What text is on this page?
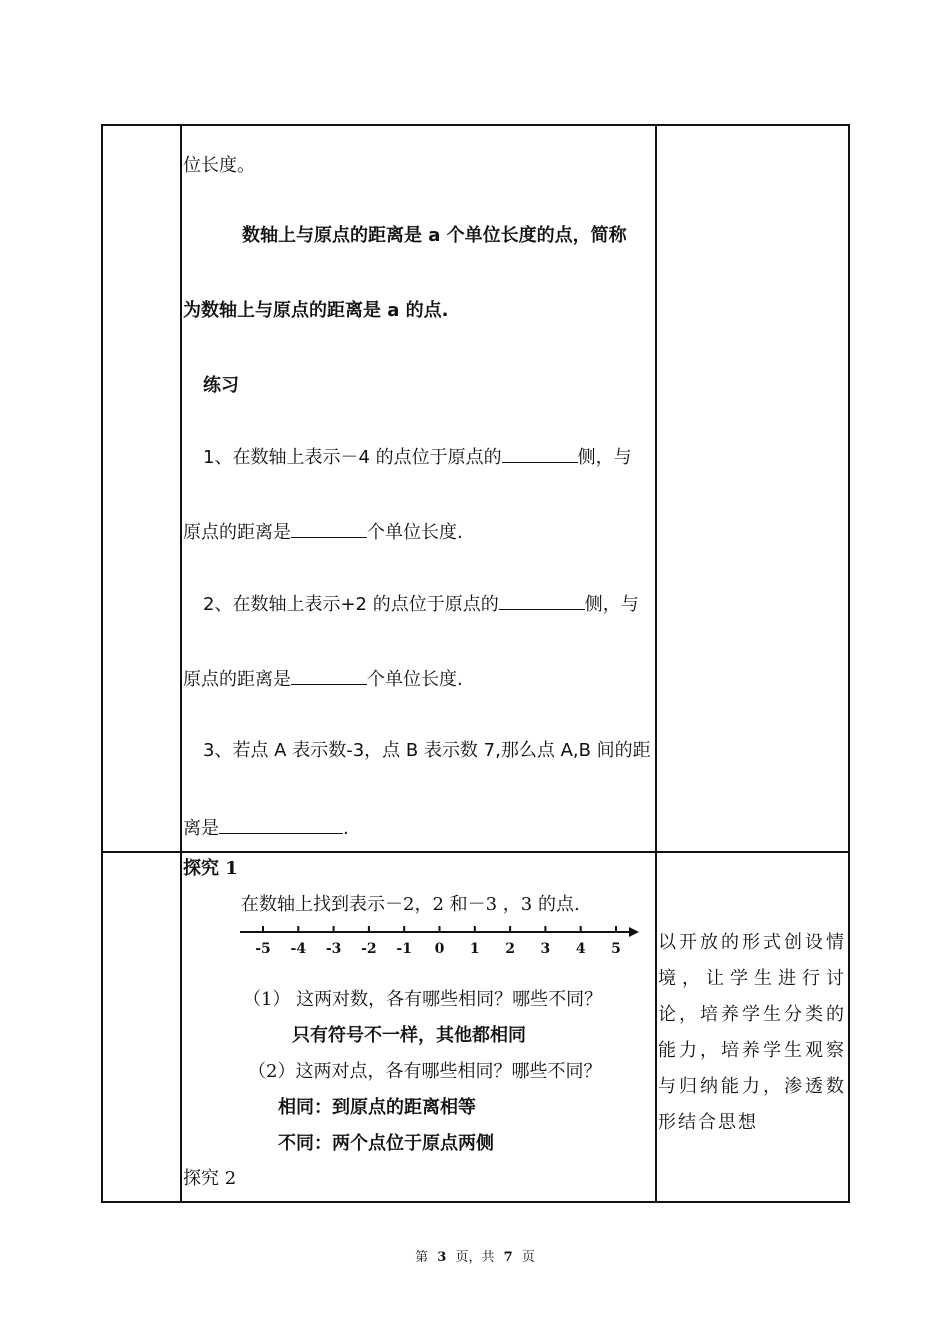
位长度。
数轴上与原点的距离是 a 个单位长度的点，简称
为数轴上与原点的距离是 a 的点.
练习
1、在数轴上表示－4 的点位于原点的	侧，与
原点的距离是	个单位长度.
2、在数轴上表示+2 的点位于原点的	侧，与
原点的距离是	个单位长度.
3、若点 A 表示数-3，点 B 表示数 7,那么点 A,B 间的距
离是	.
探究 1
在数轴上找到表示－2，2 和－3 ，3 的点.
-5 -4 -3 -2 -1 0 1 2 3 4 5
（1） 这两对数，各有哪些相同？哪些不同？
只有符号不一样，其他都相同
（2）这两对点，各有哪些相同？哪些不同？
相同：到原点的距离相等
不同：两个点位于原点两侧
探究 2
以开放的形式创设情境，让学生进行讨论，培养学生分类的能力，培养学生观察与归纳能力，渗透数形结合思想
第 3 页，共 7 页
